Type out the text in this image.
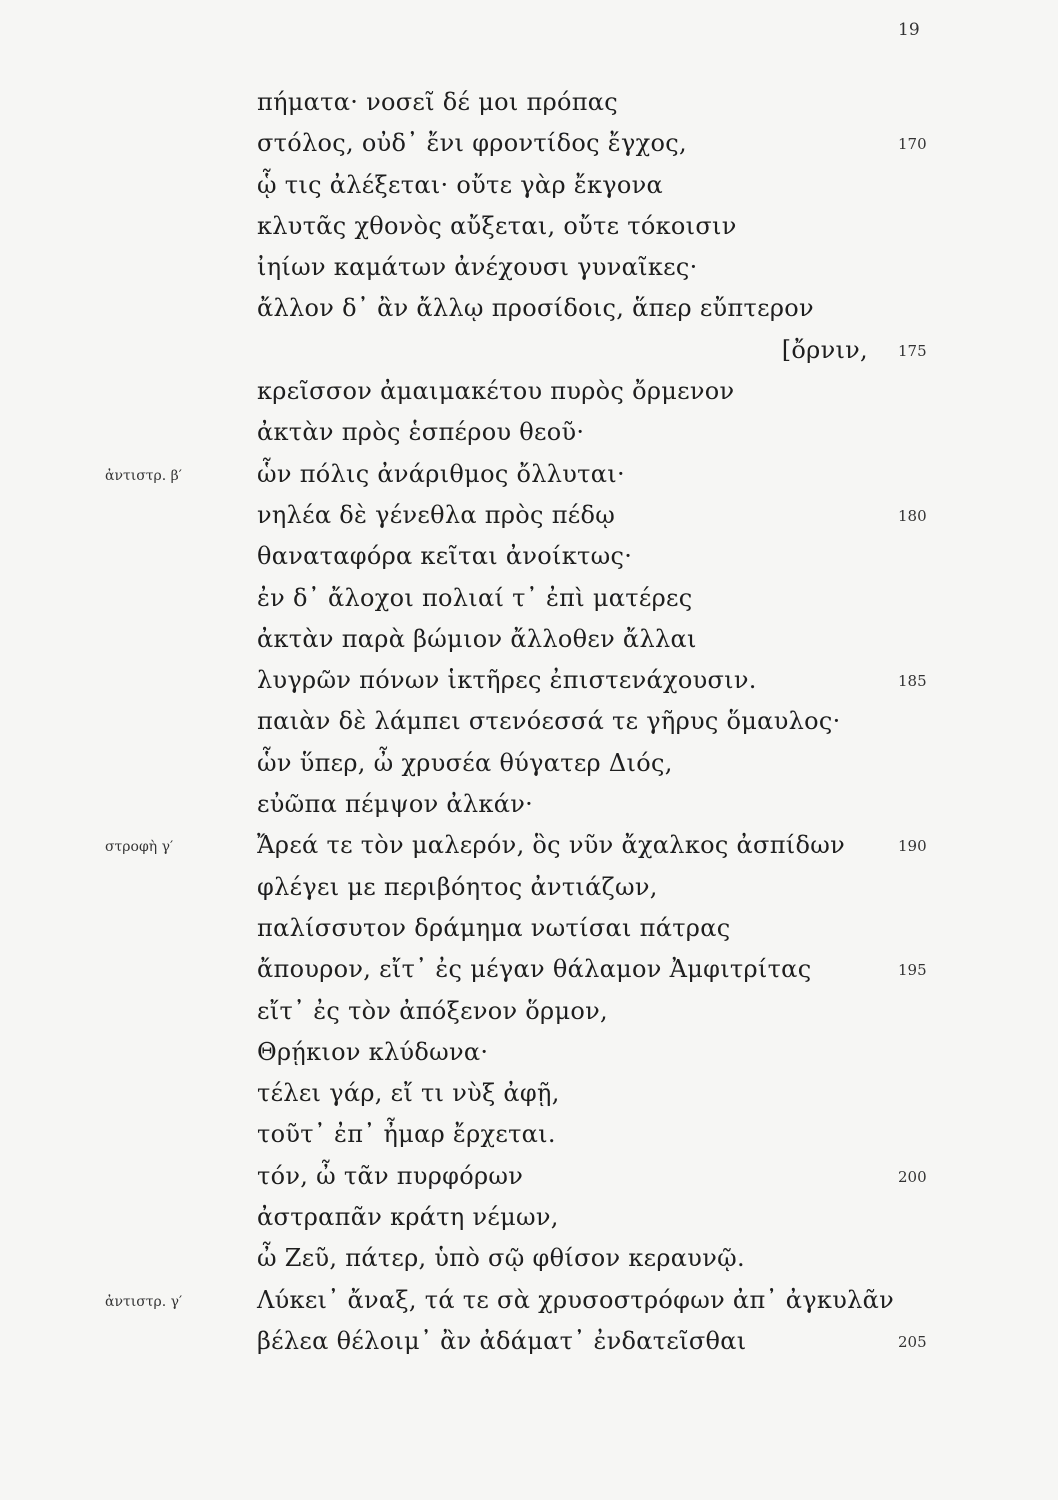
19
πήματα· νοσεῖ δέ μοι πρόπας
στόλος, οὐδ᾽ ἔνι φροντίδος ἔγχος,	170
ᾧ τις ἀλέξεται· οὔτε γὰρ ἔκγονα
κλυτᾶς χθονὸς αὔξεται, οὔτε τόκοισιν
ἰηίων καμάτων ἀνέχουσι γυναῖκες·
ἄλλον δ᾽ ἂν ἄλλῳ προσίδοις, ἅπερ εὔπτερον
[ὄρνιν, 175
κρεῖσσον ἀμαιμακέτου πυρὸς ὄρμενον
ἀκτὰν πρὸς ἑσπέρου θεοῦ·
ὧν πόλις ἀνάριθμος ὄλλυται·
ἀντιστρ. β′
νηλέα δὲ γένεθλα πρὸς πέδῳ	180
θαναταφόρα κεῖται ἀνοίκτως·
ἐν δ᾽ ἄλοχοι πολιαί τ᾽ ἐπὶ ματέρες
ἀκτὰν παρὰ βώμιον ἄλλοθεν ἄλλαι
λυγρῶν πόνων ἱκτῆρες ἐπιστενάχουσιν.	185
παιὰν δὲ λάμπει στενόεσσά τε γῆρυς ὅμαυλος·
ὧν ὕπερ, ὦ χρυσέα θύγατερ Διός,
εὐῶπα πέμψον ἀλκάν·
Ἄρεά τε τὸν μαλερόν, ὃς νῦν ἄχαλκος ἀσπίδων
στροφὴ γ′	190
φλέγει με περιβόητος ἀντιάζων,
παλίσσυτον δράμημα νωτίσαι πάτρας
ἄπουρον, εἴτ᾽ ἐς μέγαν θάλαμον Ἀμφιτρίτας	195
εἴτ᾽ ἐς τὸν ἀπόξενον ὅρμον,
Θρῄκιον κλύδωνα·
τέλει γάρ, εἴ τι νὺξ ἀφῇ,
τοῦτ᾽ ἐπ᾽ ἦμαρ ἔρχεται.
τόν, ὦ τᾶν πυρφόρων	200
ἀστραπᾶν κράτη νέμων,
ὦ Ζεῦ, πάτερ, ὑπὸ σῷ φθίσον κεραυνῷ.
Λύκει᾽ ἄναξ, τά τε σὰ χρυσοστρόφων ἀπ᾽ ἀγκυλᾶν
ἀντιστρ. γ′
βέλεα θέλοιμ᾽ ἂν ἀδάματ᾽ ἐνδατεῖσθαι	205
